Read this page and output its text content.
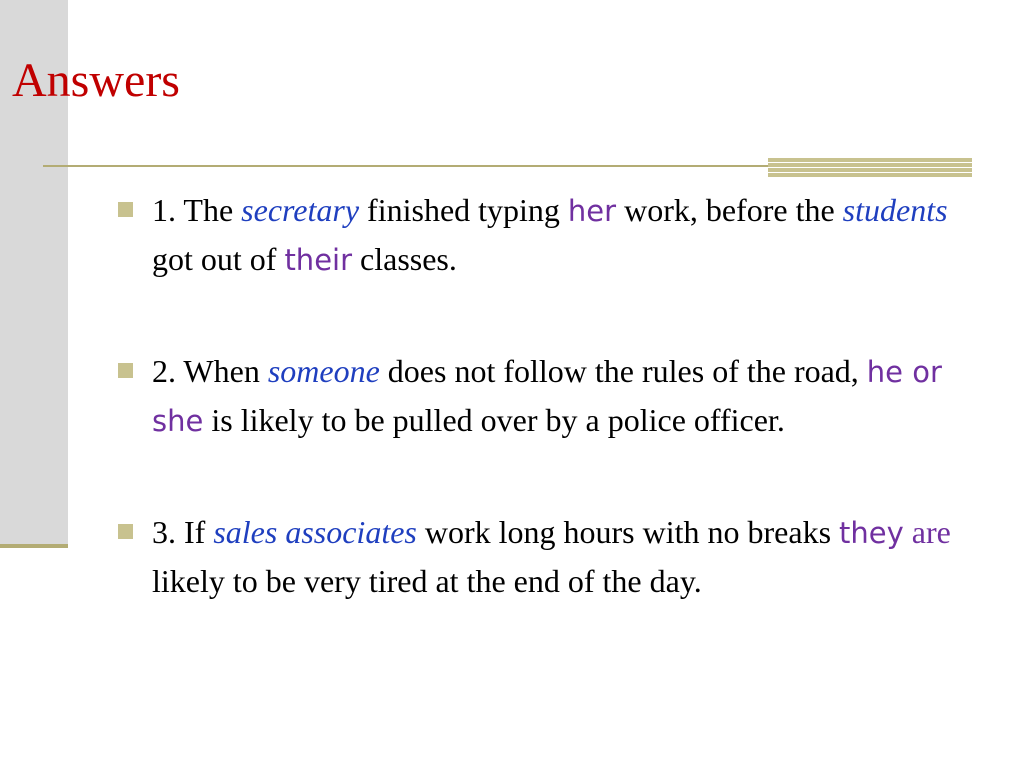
Answers
1. The secretary finished typing her work, before the students got out of their classes.
2. When someone does not follow the rules of the road, he or she is likely to be pulled over by a police officer.
3. If sales associates work long hours with no breaks they are likely to be very tired at the end of the day.
